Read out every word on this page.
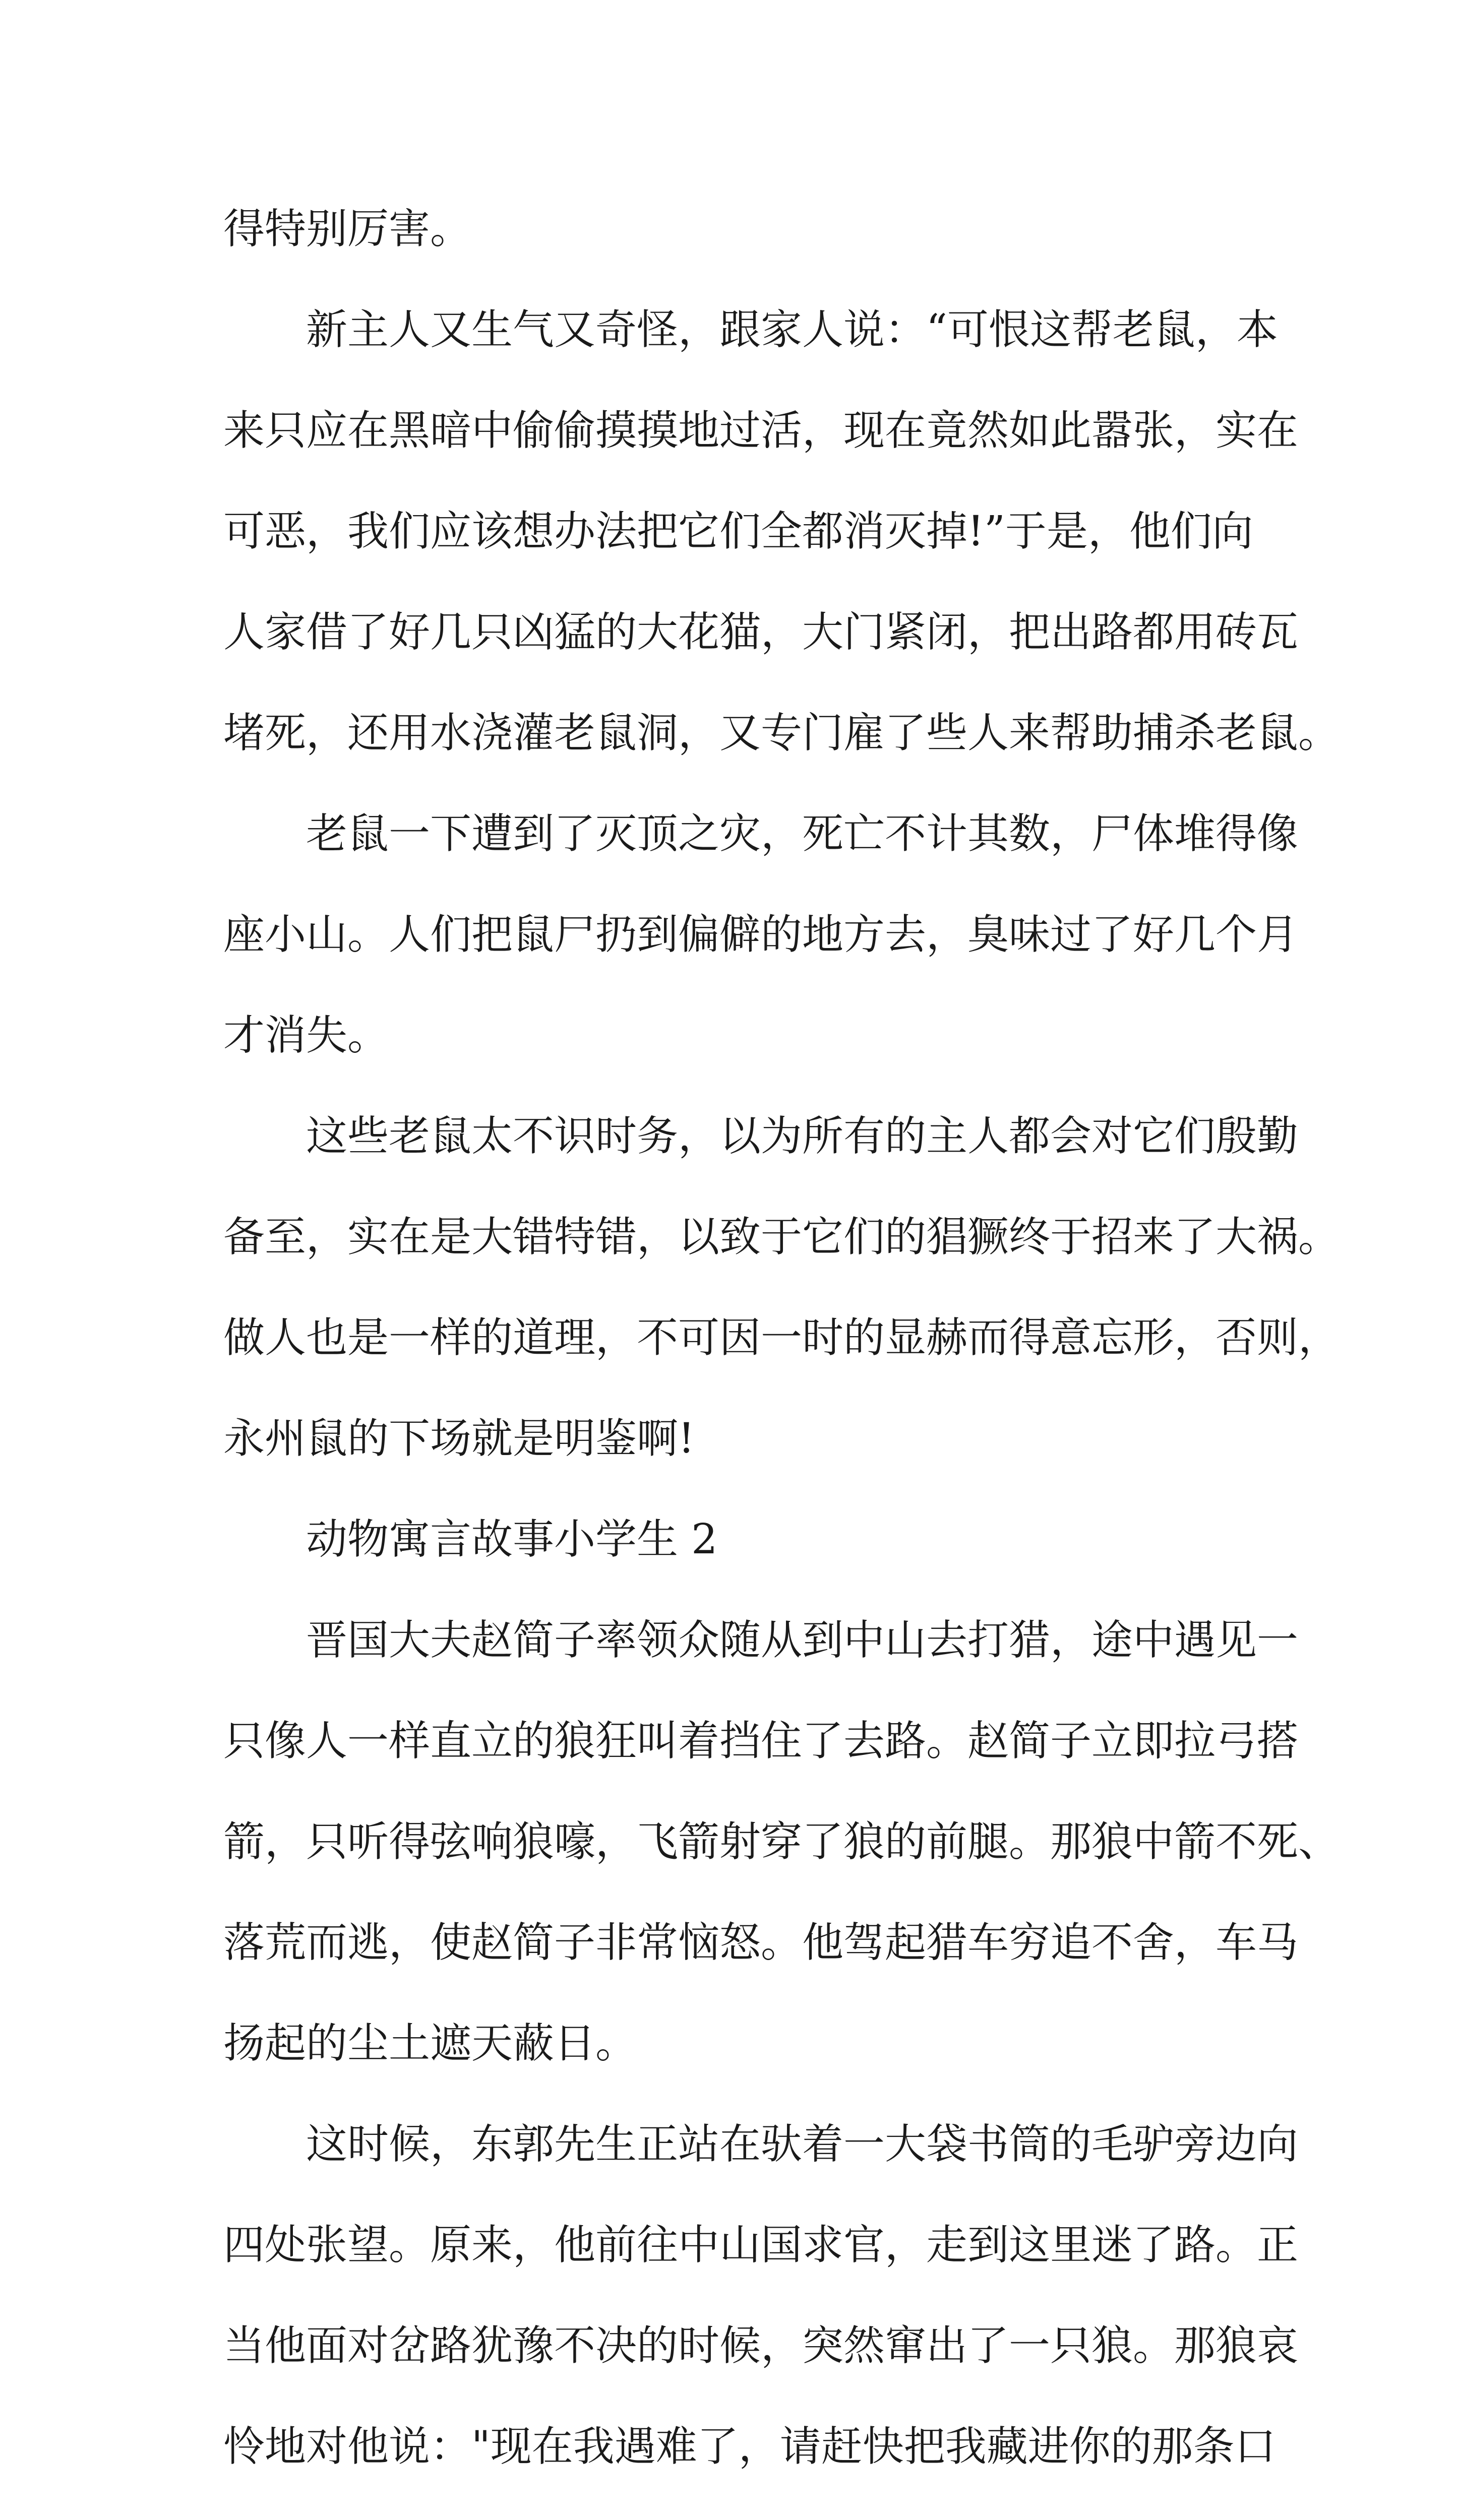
得特别厉害。

新主人又生气又奇怪，跟家人说：“可恨这帮老鼠，本

来只应在黑暗中偷偷摸摸地过活，现在竟然如此嚣张，实在

可恶，我们应该想办法把它们全都消灭掉!”于是，他们向

人家借了好几只凶猛的大花猫，大门紧闭，把出路都用砖瓦

堵死，还用水浇灌老鼠洞，又专门雇了些人来帮助捕杀老鼠。

老鼠一下遭到了灭顶之灾，死亡不计其数，尸体堆得像

座小山。人们把鼠尸扔到偏僻的地方去，臭味过了好几个月

才消失。

这些老鼠太不识时务，以为所有的主人都会对它们殷勤

备至，实在是大错特错，以致于它们的猖獗终于招来了大祸。

做人也是一样的道理，不可因一时的显赫而得意忘形，否则，

永州鼠的下场就是明鉴啊!

动物寓言故事小学生 2

晋国大夫赵简子率领众随从到中山去打猎，途中遇见一

只像人一样直立的狼狂叫着挡住了去路。赵简子立即拉弓搭

箭，只听得弦响狼嚎，飞箭射穿了狼的前腿。那狼中箭不死、

落荒而逃，使赵简子非常恼怒。他驾起猎车穷追不舍，车马

扬起的尘土遮天蔽日。

这时候，东郭先生正站在驮着一大袋书筒的毛驴旁边向

四处张望。原来，他前往中山国求官，走到这里迷了路。正

当他面对岔路犹豫不决的时候，突然窜出了一只狼。那狼哀

怜地对他说："现在我遇难了，请赶快把我藏进你的那条口
